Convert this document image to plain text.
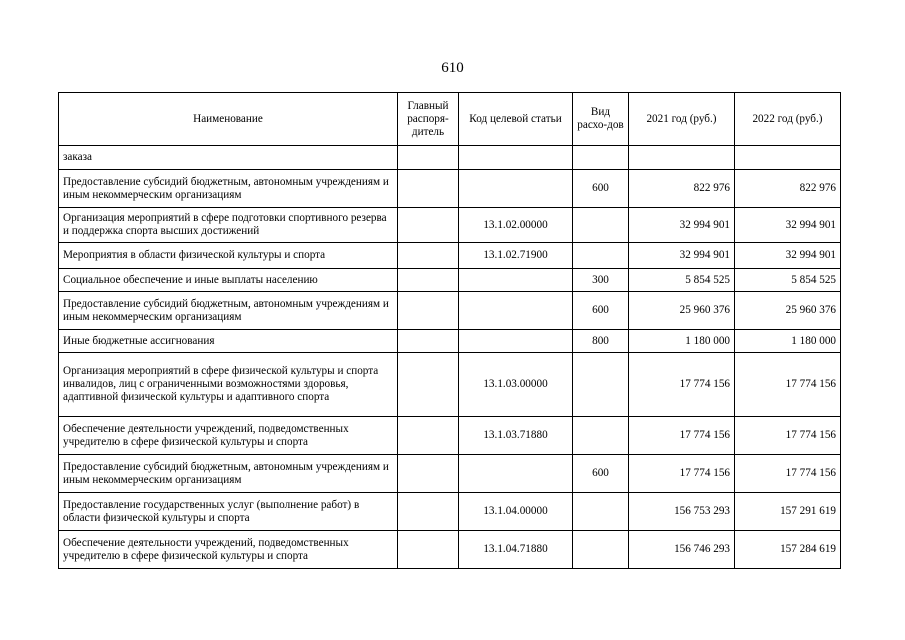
610
Наименование	Главный распоря-дитель	Код целевой статьи	Вид расхо-дов	2021 год (руб.)	2022 год (руб.)
заказа					
Предоставление субсидий бюджетным, автономным учреждениям и иным некоммерческим организациям			600	822 976	822 976
Организация мероприятий в сфере подготовки спортивного резерва и поддержка спорта высших достижений		13.1.02.00000		32 994 901	32 994 901
Мероприятия в области физической культуры и спорта		13.1.02.71900		32 994 901	32 994 901
Социальное обеспечение и иные выплаты населению			300	5 854 525	5 854 525
Предоставление субсидий бюджетным, автономным учреждениям и иным некоммерческим организациям			600	25 960 376	25 960 376
Иные бюджетные ассигнования			800	1 180 000	1 180 000
Организация мероприятий в сфере физической культуры и спорта инвалидов, лиц с ограниченными возможностями здоровья, адаптивной физической культуры и адаптивного спорта		13.1.03.00000		17 774 156	17 774 156
Обеспечение деятельности учреждений, подведомственных учредителю в сфере физической культуры и спорта		13.1.03.71880		17 774 156	17 774 156
Предоставление субсидий бюджетным, автономным учреждениям и иным некоммерческим организациям			600	17 774 156	17 774 156
Предоставление государственных услуг (выполнение работ) в области физической культуры и спорта		13.1.04.00000		156 753 293	157 291 619
Обеспечение деятельности учреждений, подведомственных учредителю в сфере физической культуры и спорта		13.1.04.71880		156 746 293	157 284 619
